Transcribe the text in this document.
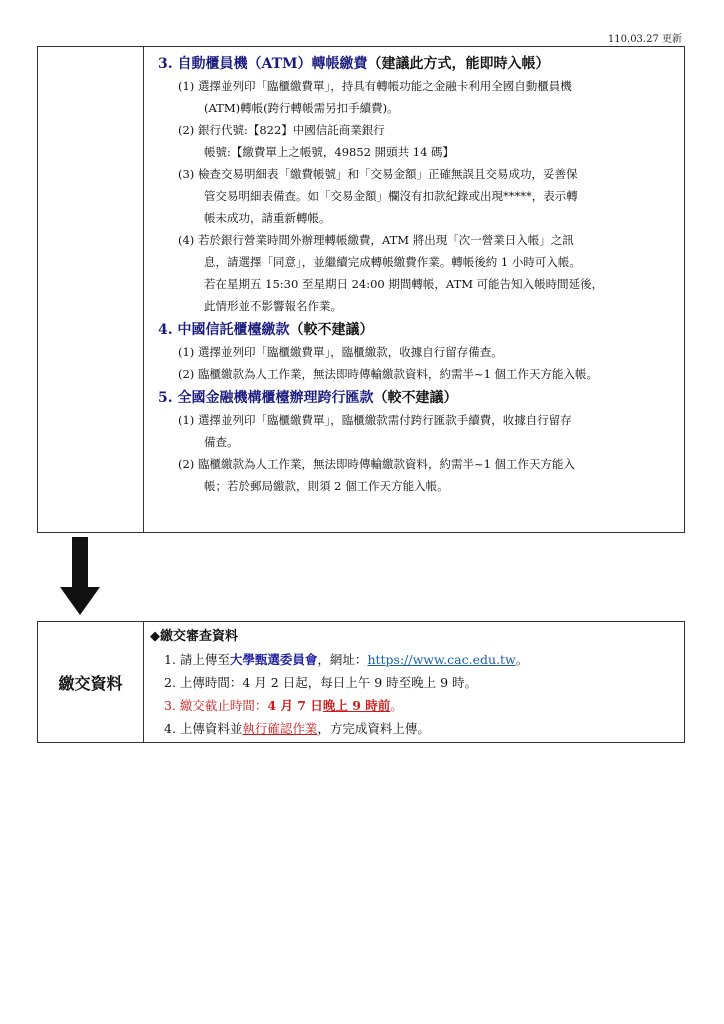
110.03.27 更新
3. 自動櫃員機（ATM）轉帳繳費（建議此方式，能即時入帳）
(1) 選擇並列印「臨櫃繳費單」，持具有轉帳功能之金融卡利用全國自動櫃員機
(ATM)轉帳(跨行轉帳需另扣手續費)。
(2) 銀行代號:【822】中國信託商業銀行
帳號:【繳費單上之帳號，49852 開頭共 14 碼】
(3) 檢查交易明細表「繳費帳號」和「交易金額」正確無誤且交易成功，妥善保
管交易明細表備查。如「交易金額」欄沒有扣款紀錄或出現*****，表示轉
帳未成功，請重新轉帳。
(4) 若於銀行營業時間外辦理轉帳繳費，ATM 將出現「次一營業日入帳」之訊
息，請選擇「同意」，並繼續完成轉帳繳費作業。轉帳後約 1 小時可入帳。
若在星期五 15:30 至星期日 24:00 期間轉帳，ATM 可能告知入帳時間延後，
此情形並不影響報名作業。
4. 中國信託櫃檯繳款（較不建議）
(1) 選擇並列印「臨櫃繳費單」，臨櫃繳款，收據自行留存備查。
(2) 臨櫃繳款為人工作業，無法即時傳輸繳款資料，約需半~1 個工作天方能入帳。
5. 全國金融機構櫃檯辦理跨行匯款（較不建議）
(1) 選擇並列印「臨櫃繳費單」，臨櫃繳款需付跨行匯款手續費，收據自行留存
備查。
(2) 臨櫃繳款為人工作業，無法即時傳輸繳款資料，約需半~1 個工作天方能入
帳；若於郵局繳款，則須 2 個工作天方能入帳。
繳交資料
◆繳交審查資料
1. 請上傳至大學甄選委員會，網址：https://www.cac.edu.tw。
2. 上傳時間：4 月 2 日起，每日上午 9 時至晚上 9 時。
3. 繳交截止時間：4 月 7 日晚上 9 時前。
4. 上傳資料並執行確認作業，方完成資料上傳。
